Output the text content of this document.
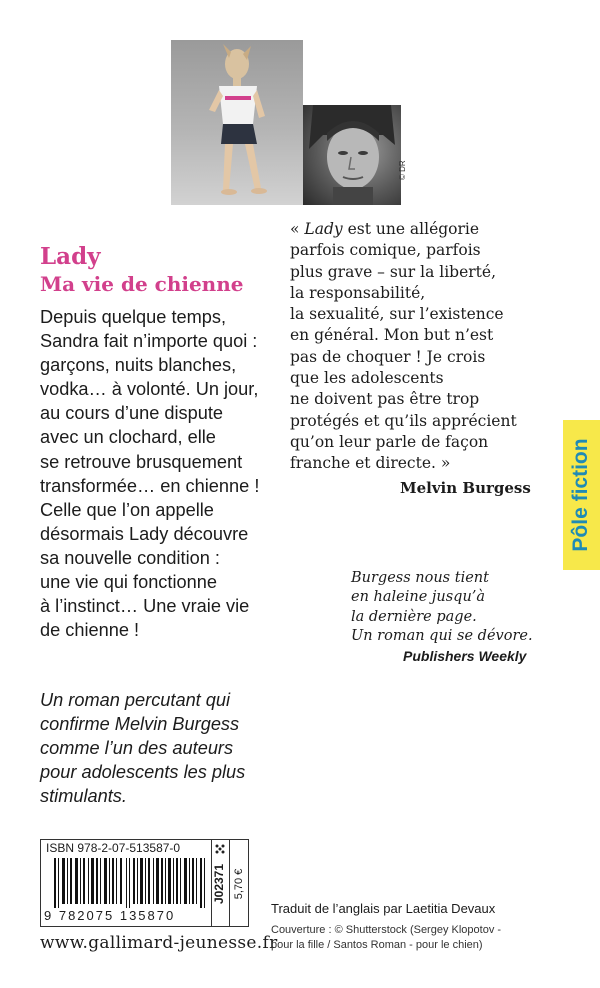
© DR
Lady
Ma vie de chienne
Depuis quelque temps,
Sandra fait n’importe quoi :
garçons, nuits blanches,
vodka… à volonté. Un jour,
au cours d’une dispute
avec un clochard, elle
se retrouve brusquement
transformée… en chienne !
Celle que l’on appelle
désormais Lady découvre
sa nouvelle condition :
une vie qui fonctionne
à l’instinct… Une vraie vie
de chienne !
Un roman percutant qui
confirme Melvin Burgess
comme l’un des auteurs
pour adolescents les plus
stimulants.
« Lady est une allégorie
parfois comique, parfois
plus grave – sur la liberté,
la responsabilité,
la sexualité, sur l’existence
en général. Mon but n’est
pas de choquer ! Je crois
que les adolescents
ne doivent pas être trop
protégés et qu’ils apprécient
qu’on leur parle de façon
franche et directe. »
Melvin Burgess
Burgess nous tient
en haleine jusqu’à
la dernière page.
Un roman qui se dévore.
Publishers Weekly
Pôle fiction
ISBN 978-2-07-513587-0
9 782075 135870
J02371 5,70 €
www.gallimard-jeunesse.fr
Traduit de l’anglais par Laetitia Devaux
Couverture : © Shutterstock (Sergey Klopotov -
pour la fille / Santos Roman - pour le chien)
